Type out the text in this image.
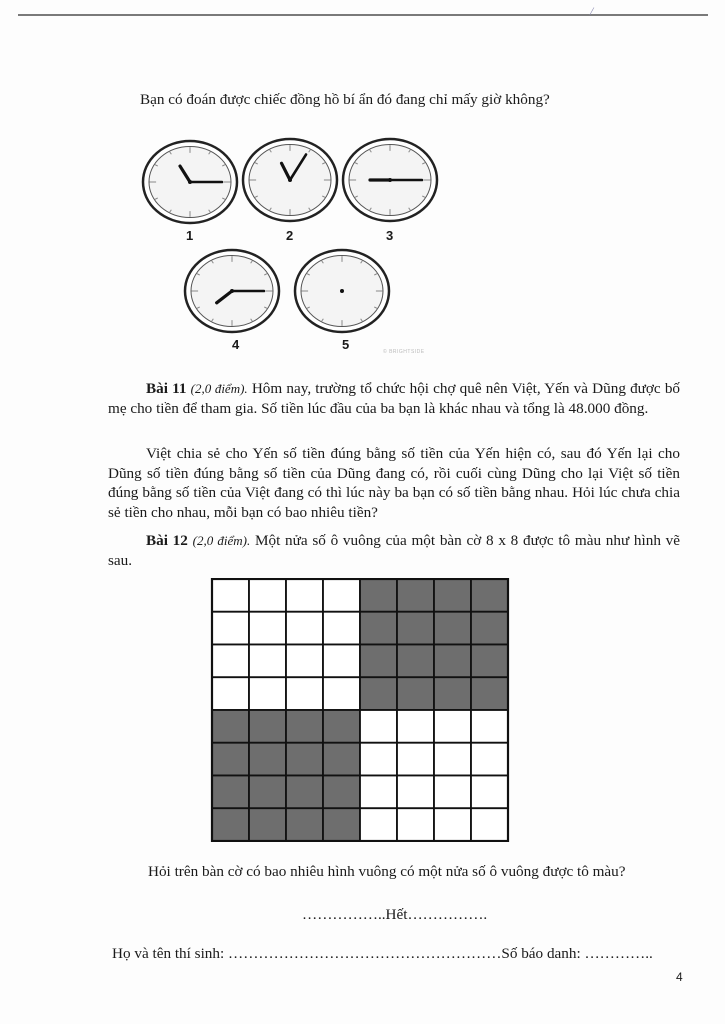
/
Bạn có đoán được chiếc đồng hồ bí ẩn đó đang chỉ mấy giờ không?
1	2	3
4	5	© BRIGHTSIDE
Bài 11 (2,0 điểm). Hôm nay, trường tổ chức hội chợ quê nên Việt, Yến và Dũng được bố mẹ cho tiền để tham gia. Số tiền lúc đầu của ba bạn là khác nhau và tổng là 48.000 đồng.
Việt chia sẻ cho Yến số tiền đúng bằng số tiền của Yến hiện có, sau đó Yến lại cho Dũng số tiền đúng bằng số tiền của Dũng đang có, rồi cuối cùng Dũng cho lại Việt số tiền đúng bằng số tiền của Việt đang có thì lúc này ba bạn có số tiền bằng nhau. Hỏi lúc chưa chia sẻ tiền cho nhau, mỗi bạn có bao nhiêu tiền?
Bài 12 (2,0 điểm). Một nửa số ô vuông của một bàn cờ 8 x 8 được tô màu như hình vẽ sau.
Hỏi trên bàn cờ có bao nhiêu hình vuông có một nửa số ô vuông được tô màu?
……………..Hết…………….
Họ và tên thí sinh: ………………………………………………Số báo danh: …………..
4
